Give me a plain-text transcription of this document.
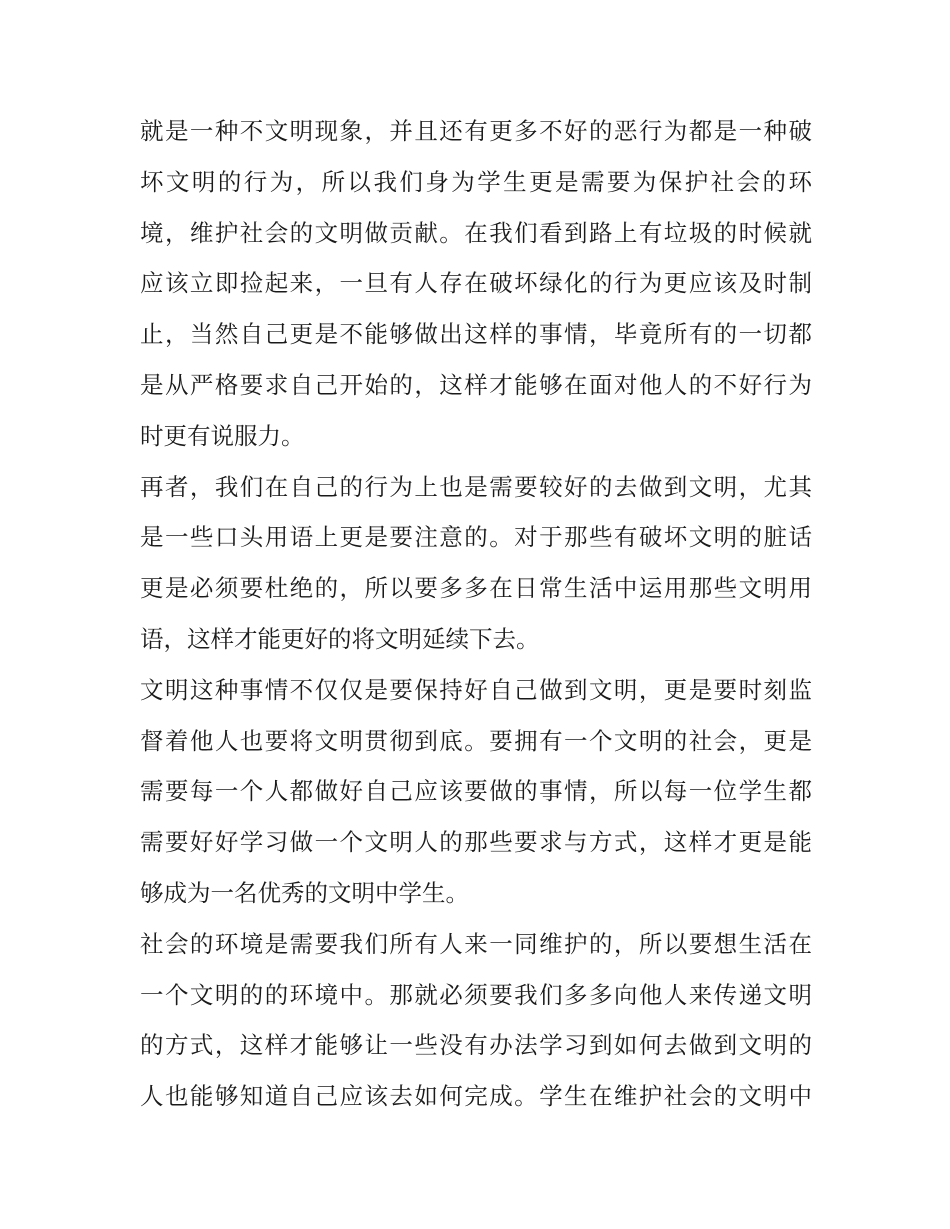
就是一种不文明现象，并且还有更多不好的恶行为都是一种破
坏文明的行为，所以我们身为学生更是需要为保护社会的环
境，维护社会的文明做贡献。在我们看到路上有垃圾的时候就
应该立即捡起来，一旦有人存在破坏绿化的行为更应该及时制
止，当然自己更是不能够做出这样的事情，毕竟所有的一切都
是从严格要求自己开始的，这样才能够在面对他人的不好行为
时更有说服力。
再者，我们在自己的行为上也是需要较好的去做到文明，尤其
是一些口头用语上更是要注意的。对于那些有破坏文明的脏话
更是必须要杜绝的，所以要多多在日常生活中运用那些文明用
语，这样才能更好的将文明延续下去。
文明这种事情不仅仅是要保持好自己做到文明，更是要时刻监
督着他人也要将文明贯彻到底。要拥有一个文明的社会，更是
需要每一个人都做好自己应该要做的事情，所以每一位学生都
需要好好学习做一个文明人的那些要求与方式，这样才更是能
够成为一名优秀的文明中学生。
社会的环境是需要我们所有人来一同维护的，所以要想生活在
一个文明的的环境中。那就必须要我们多多向他人来传递文明
的方式，这样才能够让一些没有办法学习到如何去做到文明的
人也能够知道自己应该去如何完成。学生在维护社会的文明中
